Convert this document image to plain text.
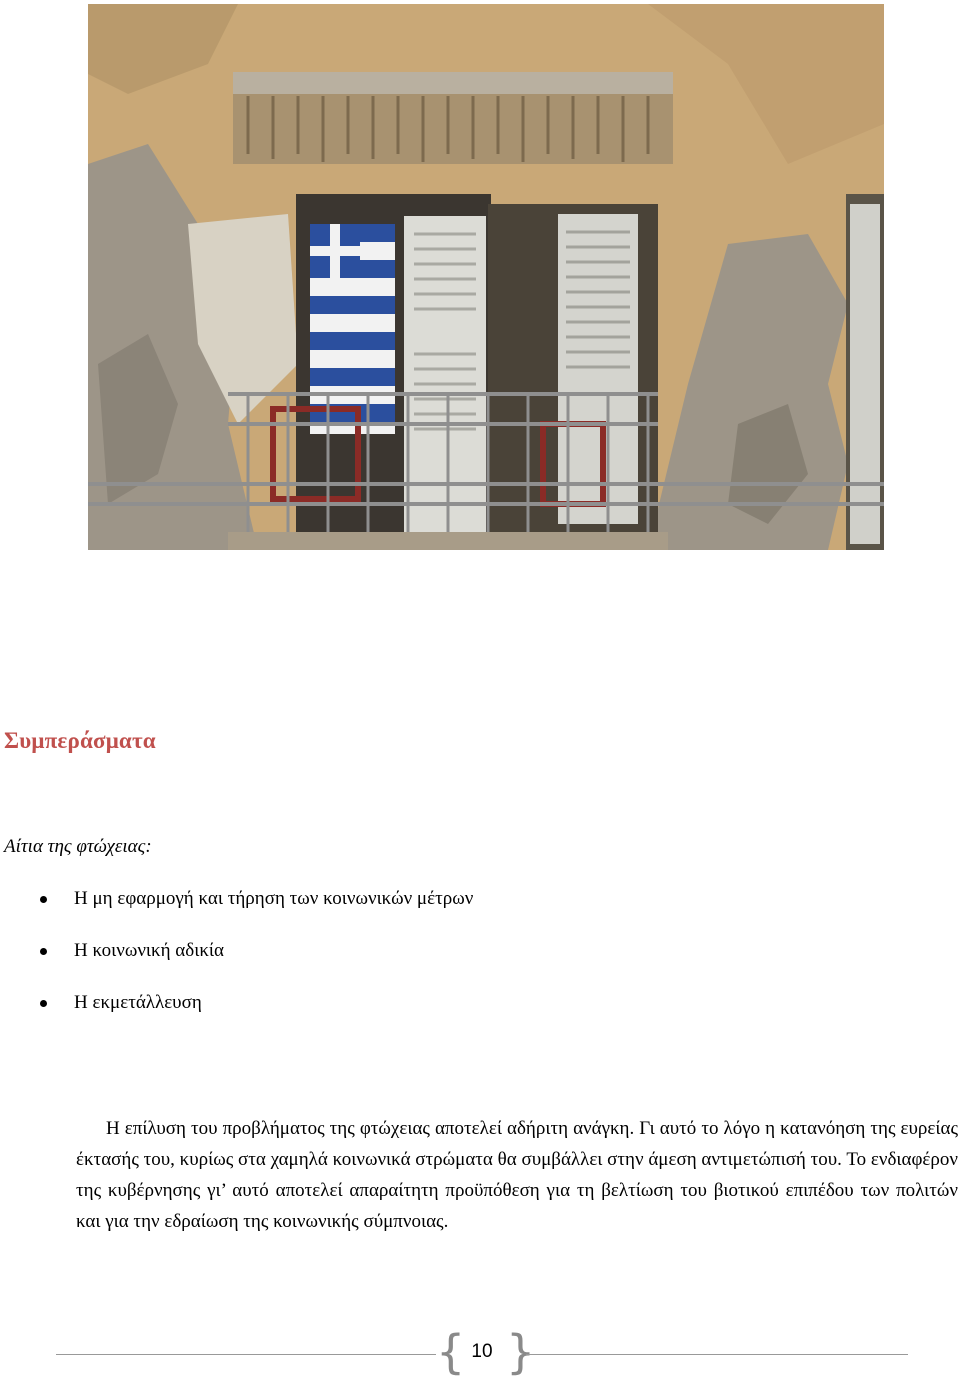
Συμπεράσματα
Αίτια της φτώχειας:
Η μη εφαρμογή και τήρηση των κοινωνικών μέτρων
Η κοινωνική αδικία
Η εκμετάλλευση

Η επίλυση του προβλήματος της φτώχειας αποτελεί αδήριτη ανάγκη. Γι αυτό το λόγο η κατανόηση της ευρείας έκτασής του, κυρίως στα χαμηλά κοινωνικά στρώματα θα συμβάλλει στην άμεση αντιμετώπισή του. Το ενδιαφέρον της κυβέρνησης γι’ αυτό αποτελεί απαραίτητη προϋπόθεση για τη βελτίωση του βιοτικού επιπέδου των πολιτών και για την εδραίωση της κοινωνικής σύμπνοιας.

{ 10 }
